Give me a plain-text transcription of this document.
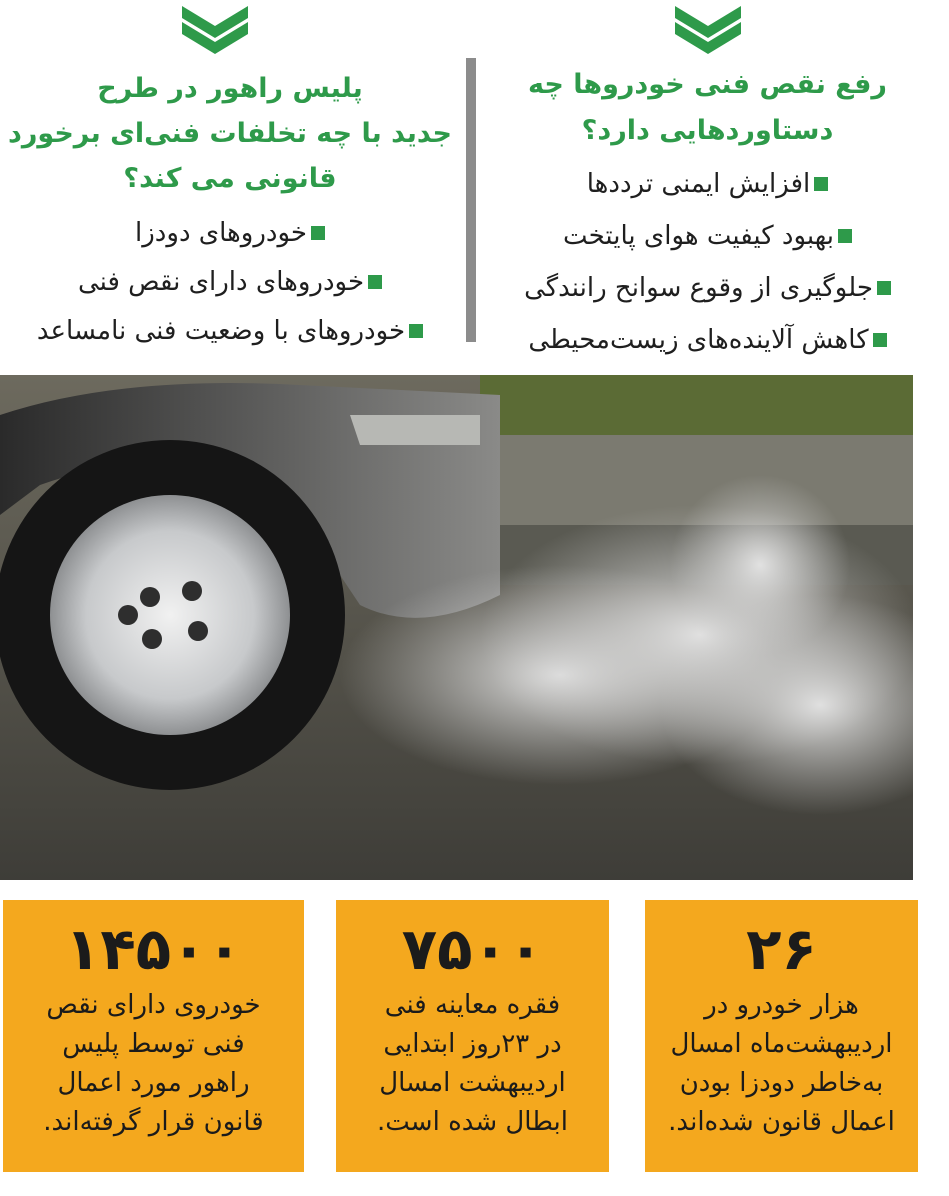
رفع نقص فنی خودروها چه
دستاوردهایی دارد؟
افزایش ایمنی ترددها
بهبود کیفیت هوای پایتخت
جلوگیری از وقوع سوانح رانندگی
کاهش آلاینده‌های زیست‌محیطی
پلیس راهور در طرح
جدید با چه تخلفات فنی‌ای برخورد
قانونی می کند؟
خودروهای دودزا
خودروهای دارای نقص فنی
خودروهای با وضعیت فنی نامساعد
۲۶
هزار خودرو در
اردیبهشت‌ماه امسال
به‌خاطر دودزا بودن
اعمال قانون شده‌اند.
۷۵۰۰
فقره معاینه فنی
در ۲۳روز ابتدایی
اردیبهشت امسال
ابطال شده است.
۱۴۵۰۰
خودروی دارای نقص
فنی توسط پلیس
راهور مورد اعمال
قانون قرار گرفته‌اند.
